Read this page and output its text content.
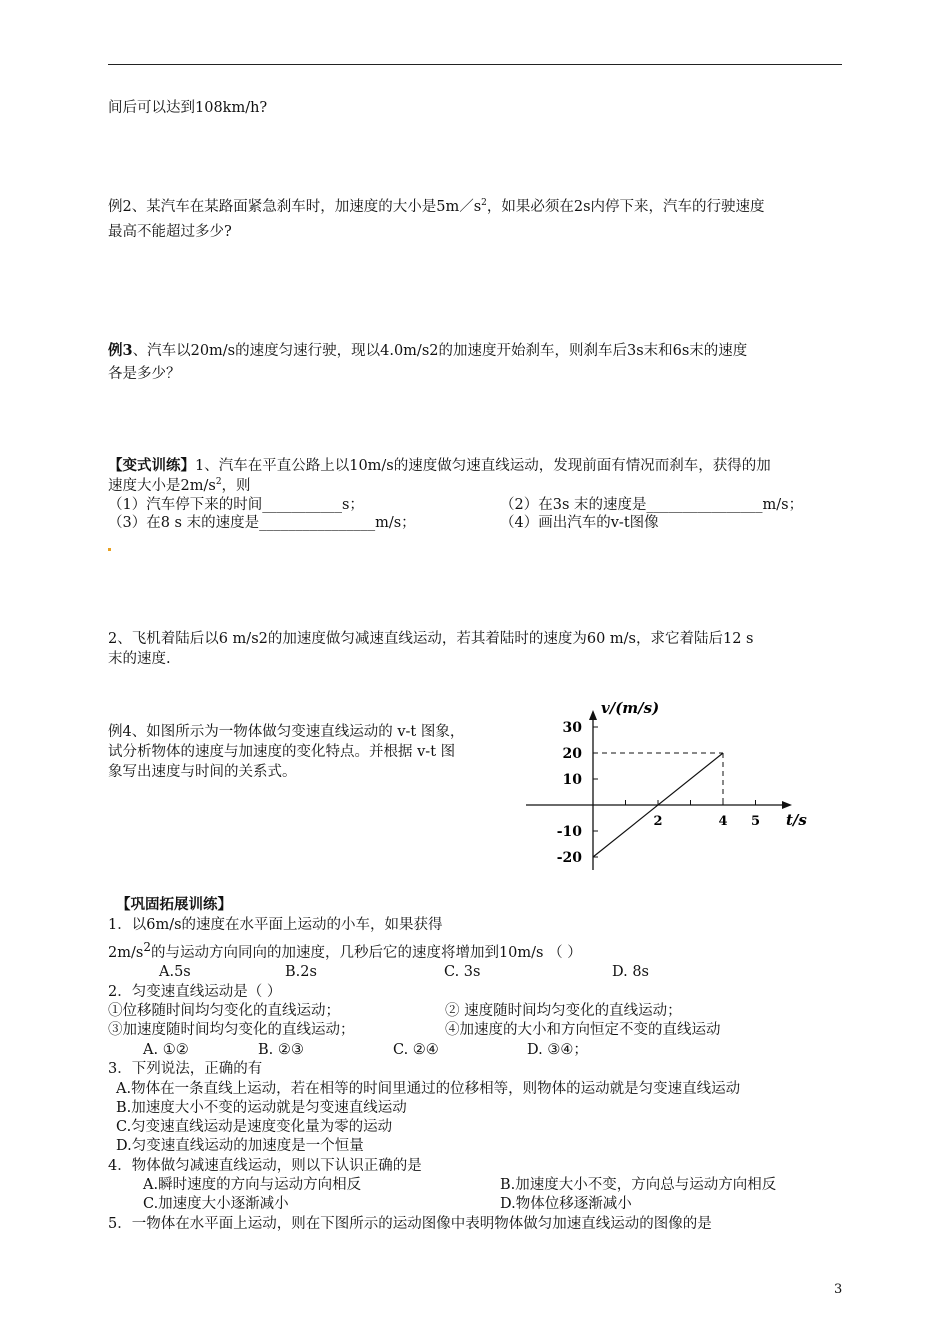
间后可以达到108km/h?
例2、某汽车在某路面紧急刹车时，加速度的大小是$5m/s^2$，如果必须在2s内停下来，汽车的行驶速度
最高不能超过多少?
例3、汽车以20m/s的速度匀速行驶，现以4.0m/s2的加速度开始刹车，则刹车后3s末和6s末的速度
各是多少？
【变式训练】1、汽车在平直公路上以10m/s的速度做匀速直线运动，发现前面有情况而刹车，获得的加
速度大小是$2m/s^2$，则
（1）汽车停下来的时间___________s；	（2）在3s 末的速度是________________m/s；
（3）在8 s 末的速度是________________m/s；	（4）画出汽车的v-t图像
2、飞机着陆后以6 m/s2的加速度做匀减速直线运动，若其着陆时的速度为60 m/s，求它着陆后12 s
末的速度.
例4、如图所示为一物体做匀变速直线运动的 v-t 图象，
试分析物体的速度与加速度的变化特点。并根据 v-t 图
象写出速度与时间的关系式。
2	4 5
30
20
10
-10
-20
v/(m/s)
t/s
【巩固拓展训练】
1．以6m/s的速度在水平面上运动的小车，如果获得
$2m/s^2$的与运动方向同向的加速度，几秒后它的速度将增加到10m/s （ ）
A.5s	B.2s	C. 3s	D. 8s
2．匀变速直线运动是（ ）
①位移随时间均匀变化的直线运动；	② 速度随时间均匀变化的直线运动；
③加速度随时间均匀变化的直线运动；	④加速度的大小和方向恒定不变的直线运动
A. ①②	B. ②③	C. ②④	D. ③④；
3．下列说法，正确的有
A.物体在一条直线上运动，若在相等的时间里通过的位移相等，则物体的运动就是匀变速直线运动
B.加速度大小不变的运动就是匀变速直线运动
C.匀变速直线运动是速度变化量为零的运动
D.匀变速直线运动的加速度是一个恒量
4．物体做匀减速直线运动，则以下认识正确的是
A.瞬时速度的方向与运动方向相反	B.加速度大小不变，方向总与运动方向相反
C.加速度大小逐渐减小	D.物体位移逐渐减小
5．一物体在水平面上运动，则在下图所示的运动图像中表明物体做匀加速直线运动的图像的是
3
